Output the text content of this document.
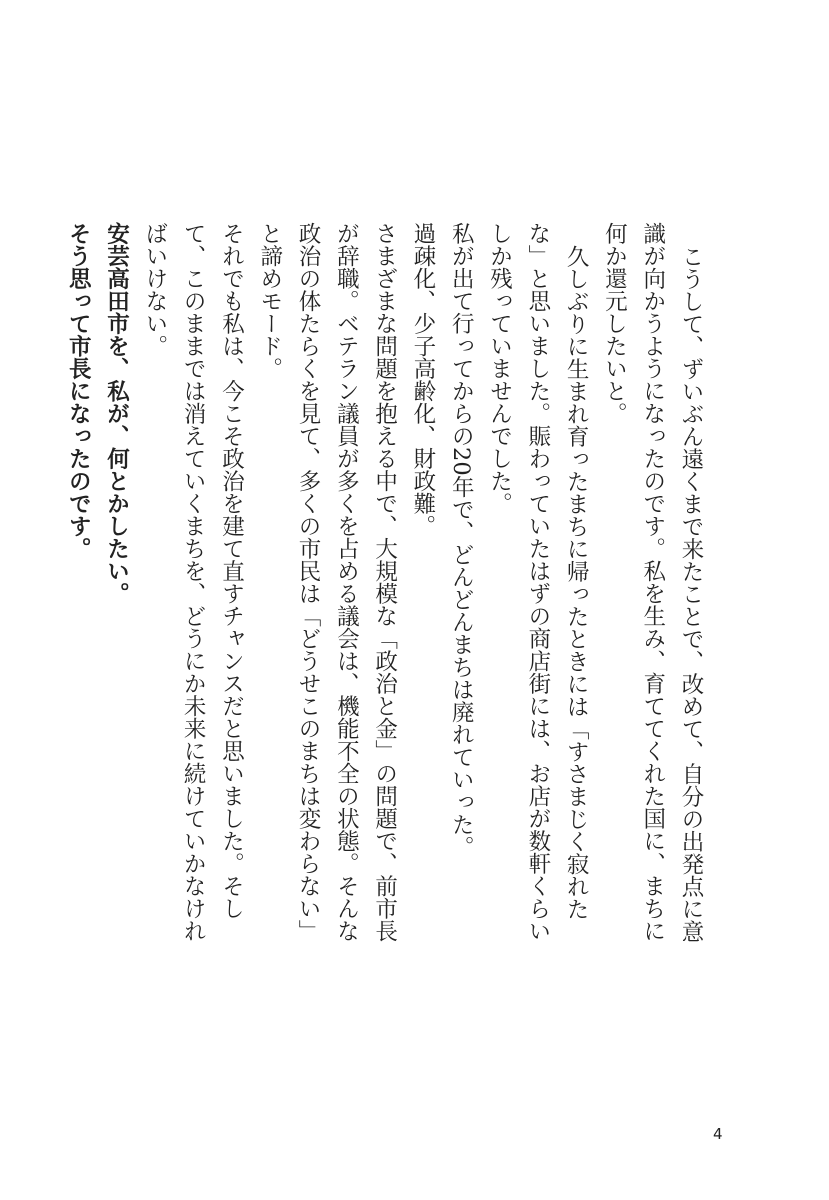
こうして、ずいぶん遠くまで来たことで、改めて、自分の出発点に意識が向かうようになったのです。私を生み、育ててくれた国に、まちに何か還元したいと。

久しぶりに生まれ育ったまちに帰ったときには「すさまじく寂れたな」と思いました。賑わっていたはずの商店街には、お店が数軒くらいしか残っていませんでした。

私が出て行ってからの20年で、どんどんまちは廃れていった。

過疎化、少子高齢化、財政難。

さまざまな問題を抱える中で、大規模な「政治と金」の問題で、前市長が辞職。ベテラン議員が多くを占める議会は、機能不全の状態。そんな政治の体たらくを見て、多くの市民は「どうせこのまちは変わらない」と諦めモード。

それでも私は、今こそ政治を建て直すチャンスだと思いました。そして、このままでは消えていくまちを、どうにか未来に続けていかなければいけない。

安芸高田市を、私が、何とかしたい。

そう思って市長になったのです。

4
